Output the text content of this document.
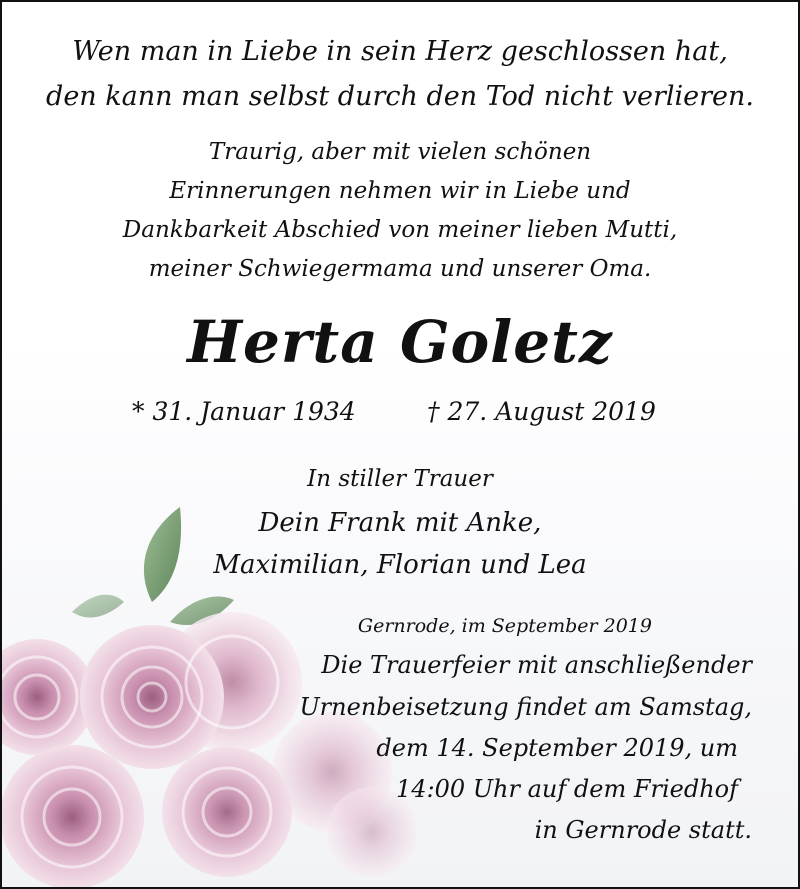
Wen man in Liebe in sein Herz geschlossen hat,
den kann man selbst durch den Tod nicht verlieren.
Traurig, aber mit vielen schönen
Erinnerungen nehmen wir in Liebe und
Dankbarkeit Abschied von meiner lieben Mutti,
meiner Schwiegermama und unserer Oma.
Herta Goletz
* 31. Januar 1934	† 27. August 2019
In stiller Trauer
Dein Frank mit Anke,
Maximilian, Florian und Lea
Gernrode, im September 2019
Die Trauerfeier mit anschließender
Urnenbeisetzung findet am Samstag,
dem 14. September 2019, um
14:00 Uhr auf dem Friedhof
in Gernrode statt.
